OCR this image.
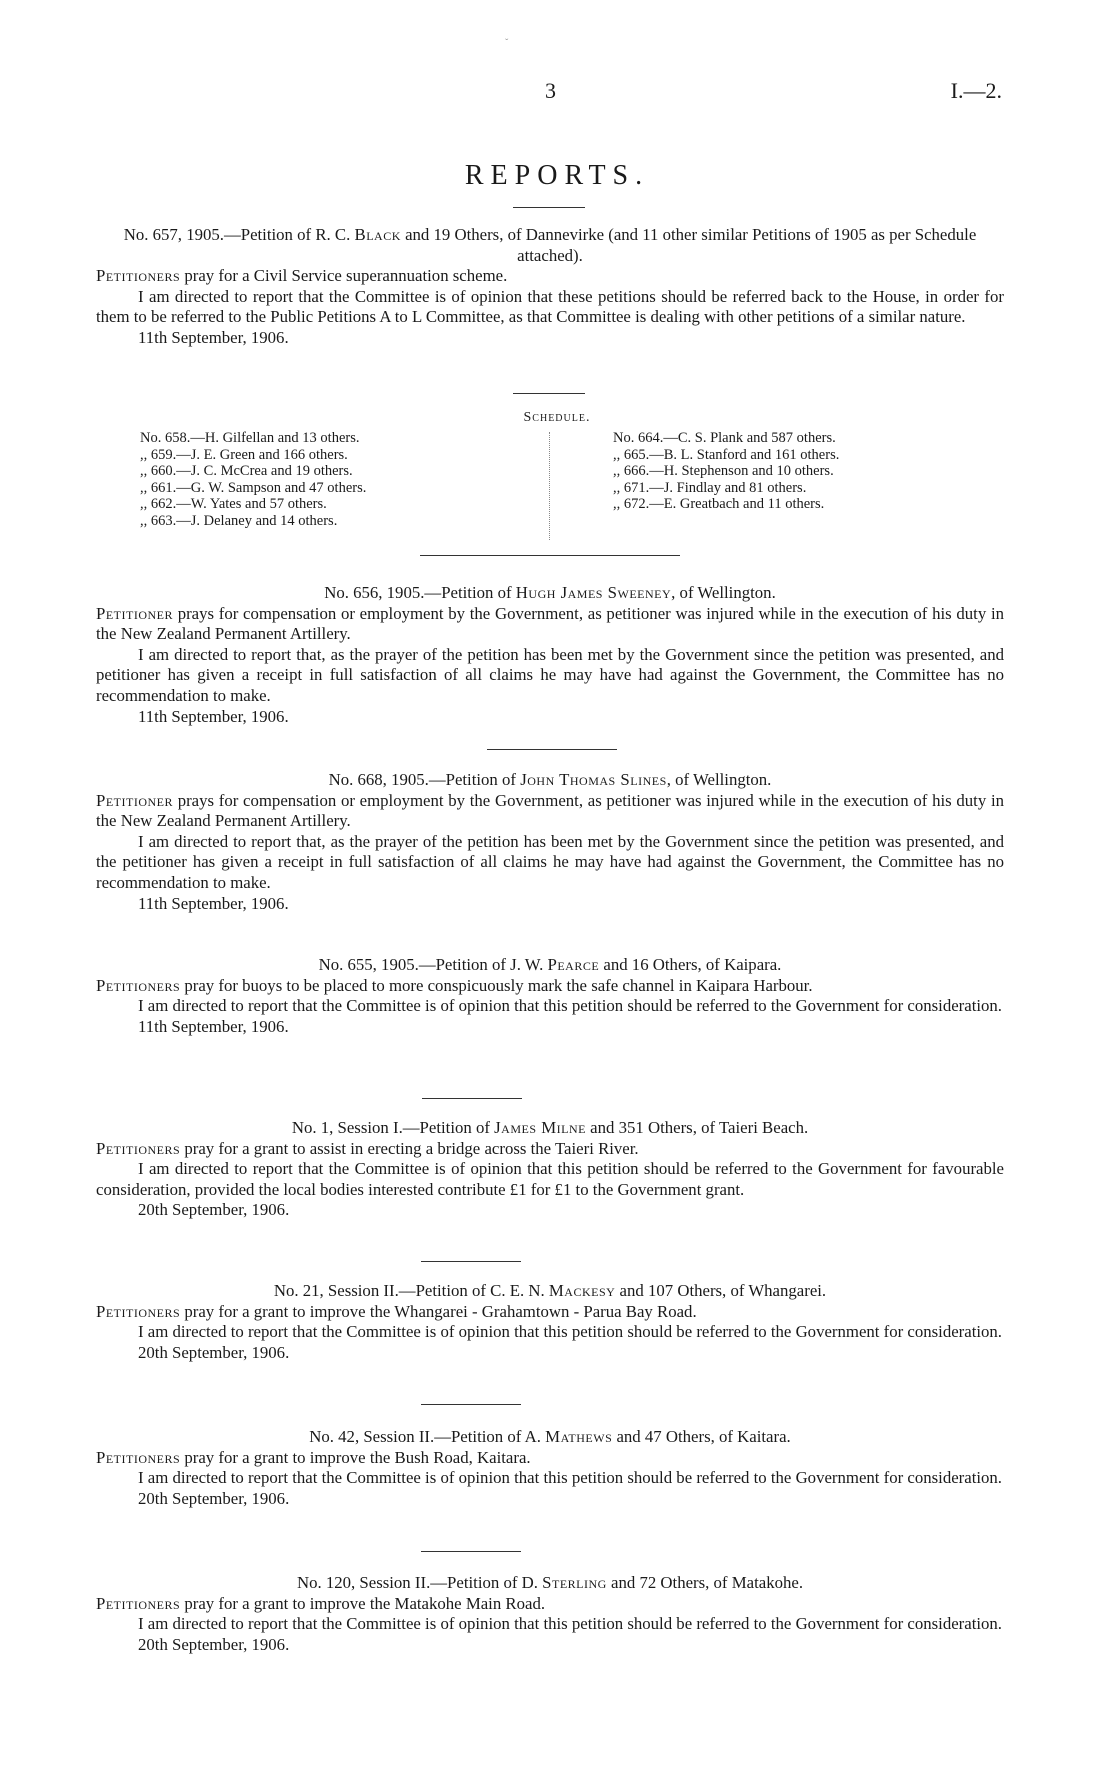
ˇ
3	I.—2.
REPORTS.

No. 657, 1905.—Petition of R. C. Black and 19 Others, of Dannevirke (and 11 other similar Petitions of 1905 as per Schedule attached).

Petitioners pray for a Civil Service superannuation scheme.

I am directed to report that the Committee is of opinion that these petitions should be referred back to the House, in order for them to be referred to the Public Petitions A to L Committee, as that Committee is dealing with other petitions of a similar nature.

11th September, 1906.

Schedule.
No. 658.—H. Gilfellan and 13 others.
,, 659.—J. E. Green and 166 others.
,, 660.—J. C. McCrea and 19 others.
,, 661.—G. W. Sampson and 47 others.
,, 662.—W. Yates and 57 others.
,, 663.—J. Delaney and 14 others.
No. 664.—C. S. Plank and 587 others.
,, 665.—B. L. Stanford and 161 others.
,, 666.—H. Stephenson and 10 others.
,, 671.—J. Findlay and 81 others.
,, 672.—E. Greatbach and 11 others.

No. 656, 1905.—Petition of Hugh James Sweeney, of Wellington.

Petitioner prays for compensation or employment by the Government, as petitioner was injured while in the execution of his duty in the New Zealand Permanent Artillery.

I am directed to report that, as the prayer of the petition has been met by the Government since the petition was presented, and petitioner has given a receipt in full satisfaction of all claims he may have had against the Government, the Committee has no recommendation to make.

11th September, 1906.

No. 668, 1905.—Petition of John Thomas Slines, of Wellington.

Petitioner prays for compensation or employment by the Government, as petitioner was injured while in the execution of his duty in the New Zealand Permanent Artillery.

I am directed to report that, as the prayer of the petition has been met by the Government since the petition was presented, and the petitioner has given a receipt in full satisfaction of all claims he may have had against the Government, the Committee has no recommendation to make.

11th September, 1906.

No. 655, 1905.—Petition of J. W. Pearce and 16 Others, of Kaipara.

Petitioners pray for buoys to be placed to more conspicuously mark the safe channel in Kaipara Harbour.

I am directed to report that the Committee is of opinion that this petition should be referred to the Government for consideration.

11th September, 1906.

No. 1, Session I.—Petition of James Milne and 351 Others, of Taieri Beach.

Petitioners pray for a grant to assist in erecting a bridge across the Taieri River.

I am directed to report that the Committee is of opinion that this petition should be referred to the Government for favourable consideration, provided the local bodies interested contribute £1 for £1 to the Government grant.

20th September, 1906.

No. 21, Session II.—Petition of C. E. N. Mackesy and 107 Others, of Whangarei.

Petitioners pray for a grant to improve the Whangarei - Grahamtown - Parua Bay Road.

I am directed to report that the Committee is of opinion that this petition should be referred to the Government for consideration.

20th September, 1906.

No. 42, Session II.—Petition of A. Mathews and 47 Others, of Kaitara.

Petitioners pray for a grant to improve the Bush Road, Kaitara.

I am directed to report that the Committee is of opinion that this petition should be referred to the Government for consideration.

20th September, 1906.

No. 120, Session II.—Petition of D. Sterling and 72 Others, of Matakohe.

Petitioners pray for a grant to improve the Matakohe Main Road.

I am directed to report that the Committee is of opinion that this petition should be referred to the Government for consideration.

20th September, 1906.
